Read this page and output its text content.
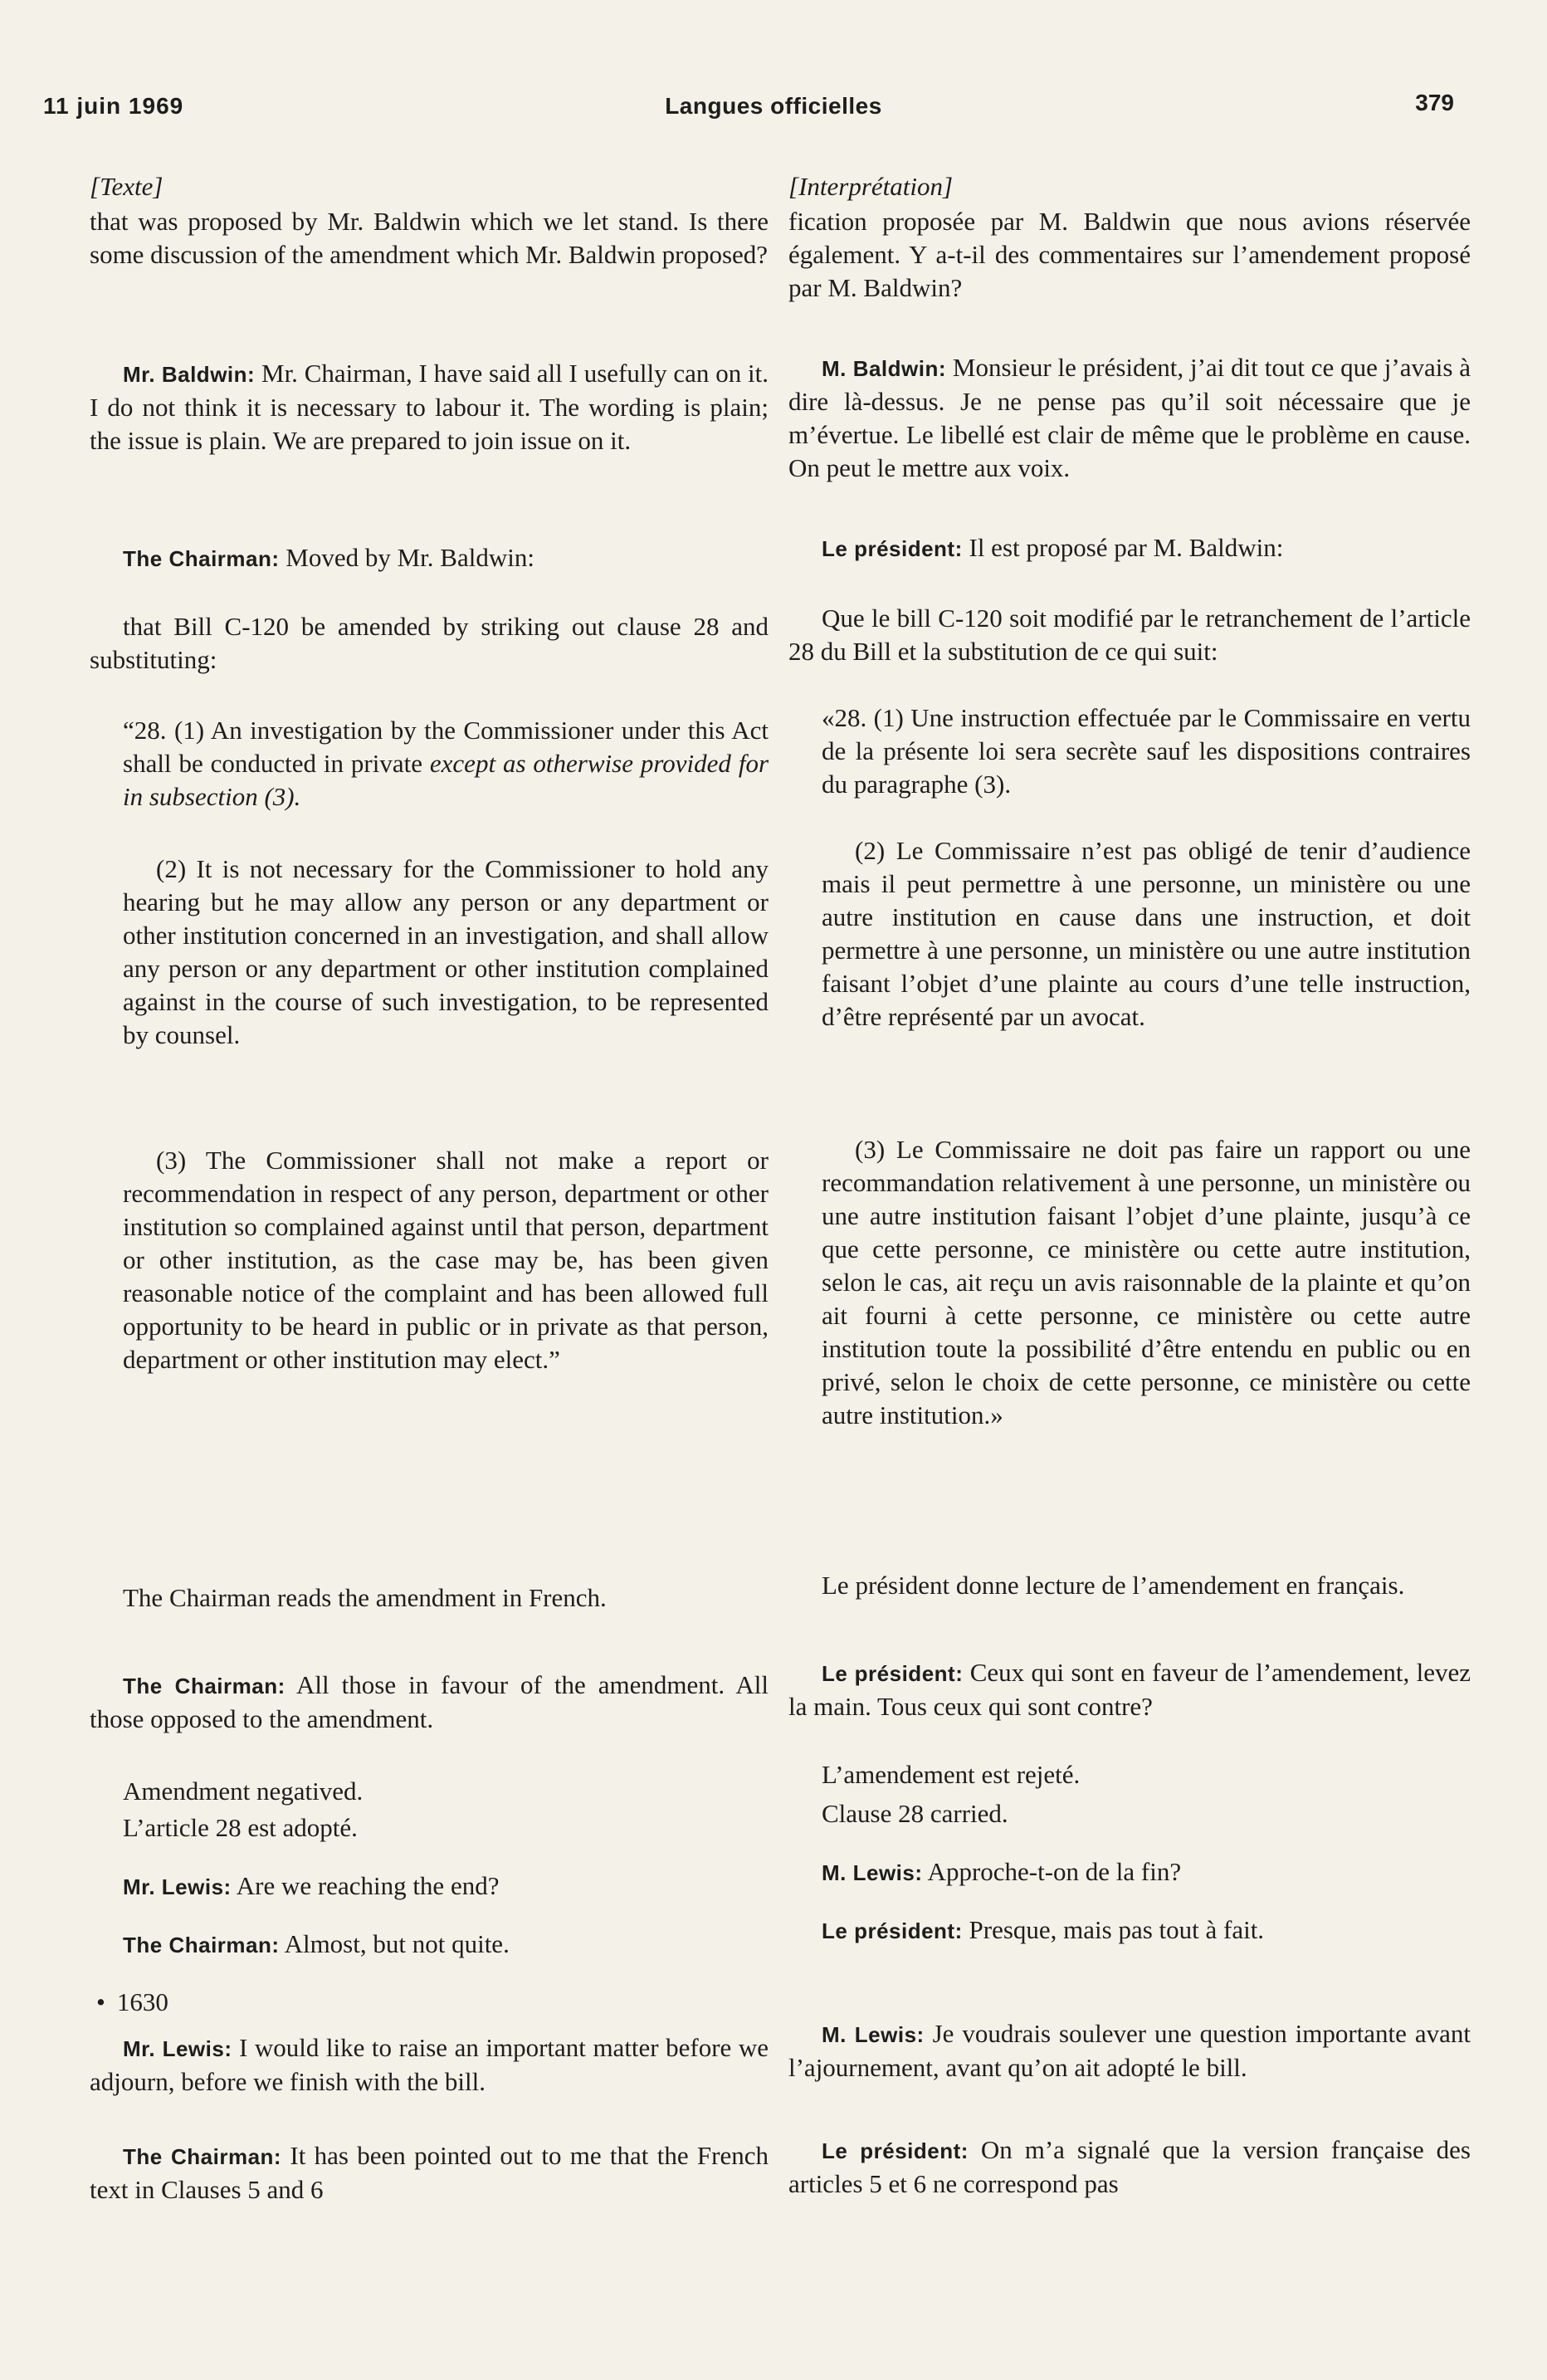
11 juin 1969	Langues officielles	379

[Texte]

that was proposed by Mr. Baldwin which we let stand. Is there some discussion of the amendment which Mr. Baldwin proposed?

Mr. Baldwin: Mr. Chairman, I have said all I usefully can on it. I do not think it is necessary to labour it. The wording is plain; the issue is plain. We are prepared to join issue on it.

The Chairman: Moved by Mr. Baldwin:

that Bill C-120 be amended by striking out clause 28 and substituting:

“28. (1) An investigation by the Commissioner under this Act shall be conducted in private except as otherwise provided for in subsection (3).

(2) It is not necessary for the Commissioner to hold any hearing but he may allow any person or any department or other institution concerned in an investigation, and shall allow any person or any department or other institution complained against in the course of such investigation, to be represented by counsel.

(3) The Commissioner shall not make a report or recommendation in respect of any person, department or other institution so complained against until that person, department or other institution, as the case may be, has been given reasonable notice of the complaint and has been allowed full opportunity to be heard in public or in private as that person, department or other institution may elect.”

The Chairman reads the amendment in French.

The Chairman: All those in favour of the amendment. All those opposed to the amendment.

Amendment negatived.

L’article 28 est adopté.

Mr. Lewis: Are we reaching the end?

The Chairman: Almost, but not quite.

• 1630

Mr. Lewis: I would like to raise an important matter before we adjourn, before we finish with the bill.

The Chairman: It has been pointed out to me that the French text in Clauses 5 and 6

[Interprétation]

fication proposée par M. Baldwin que nous avions réservée également. Y a-t-il des commentaires sur l’amendement proposé par M. Baldwin?

M. Baldwin: Monsieur le président, j’ai dit tout ce que j’avais à dire là-dessus. Je ne pense pas qu’il soit nécessaire que je m’évertue. Le libellé est clair de même que le problème en cause. On peut le mettre aux voix.

Le président: Il est proposé par M. Baldwin:

Que le bill C-120 soit modifié par le retranchement de l’article 28 du Bill et la substitution de ce qui suit:

«28. (1) Une instruction effectuée par le Commissaire en vertu de la présente loi sera secrète sauf les dispositions contraires du paragraphe (3).

(2) Le Commissaire n’est pas obligé de tenir d’audience mais il peut permettre à une personne, un ministère ou une autre institution en cause dans une instruction, et doit permettre à une personne, un ministère ou une autre institution faisant l’objet d’une plainte au cours d’une telle instruction, d’être représenté par un avocat.

(3) Le Commissaire ne doit pas faire un rapport ou une recommandation relativement à une personne, un ministère ou une autre institution faisant l’objet d’une plainte, jusqu’à ce que cette personne, ce ministère ou cette autre institution, selon le cas, ait reçu un avis raisonnable de la plainte et qu’on ait fourni à cette personne, ce ministère ou cette autre institution toute la possibilité d’être entendu en public ou en privé, selon le choix de cette personne, ce ministère ou cette autre institution.»

Le président donne lecture de l’amendement en français.

Le président: Ceux qui sont en faveur de l’amendement, levez la main. Tous ceux qui sont contre?

L’amendement est rejeté.

Clause 28 carried.

M. Lewis: Approche-t-on de la fin?

Le président: Presque, mais pas tout à fait.

M. Lewis: Je voudrais soulever une question importante avant l’ajournement, avant qu’on ait adopté le bill.

Le président: On m’a signalé que la version française des articles 5 et 6 ne correspond pas
